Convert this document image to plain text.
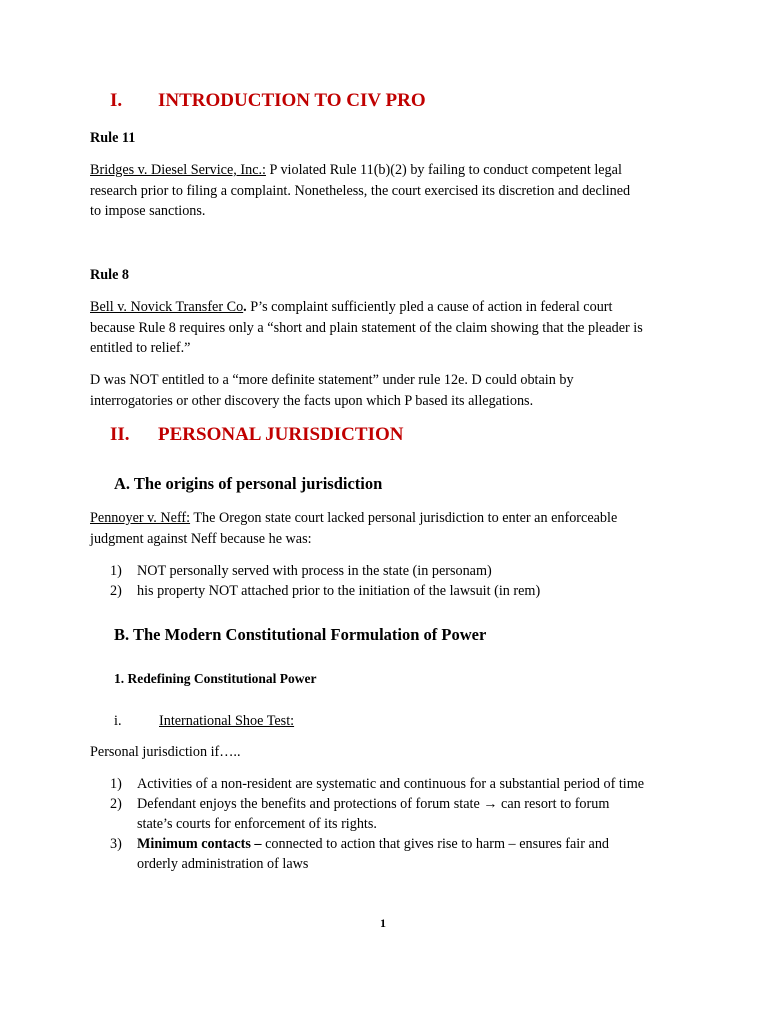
I. INTRODUCTION TO CIV PRO
Rule 11
Bridges v. Diesel Service, Inc.: P violated Rule 11(b)(2) by failing to conduct competent legal
research prior to filing a complaint. Nonetheless, the court exercised its discretion and declined
to impose sanctions.
Rule 8
Bell v. Novick Transfer Co. P’s complaint sufficiently pled a cause of action in federal court
because Rule 8 requires only a “short and plain statement of the claim showing that the pleader is
entitled to relief.”
D was NOT entitled to a “more definite statement” under rule 12e. D could obtain by
interrogatories or other discovery the facts upon which P based its allegations.
II. PERSONAL JURISDICTION
A. The origins of personal jurisdiction
Pennoyer v. Neff: The Oregon state court lacked personal jurisdiction to enter an enforceable
judgment against Neff because he was:
1) NOT personally served with process in the state (in personam)
2) his property NOT attached prior to the initiation of the lawsuit (in rem)
B. The Modern Constitutional Formulation of Power
1. Redefining Constitutional Power
i.	International Shoe Test:
Personal jurisdiction if…..
1) Activities of a non-resident are systematic and continuous for a substantial period of time
2) Defendant enjoys the benefits and protections of forum state → can resort to forum
state’s courts for enforcement of its rights.
3) Minimum contacts – connected to action that gives rise to harm – ensures fair and
orderly administration of laws
1
